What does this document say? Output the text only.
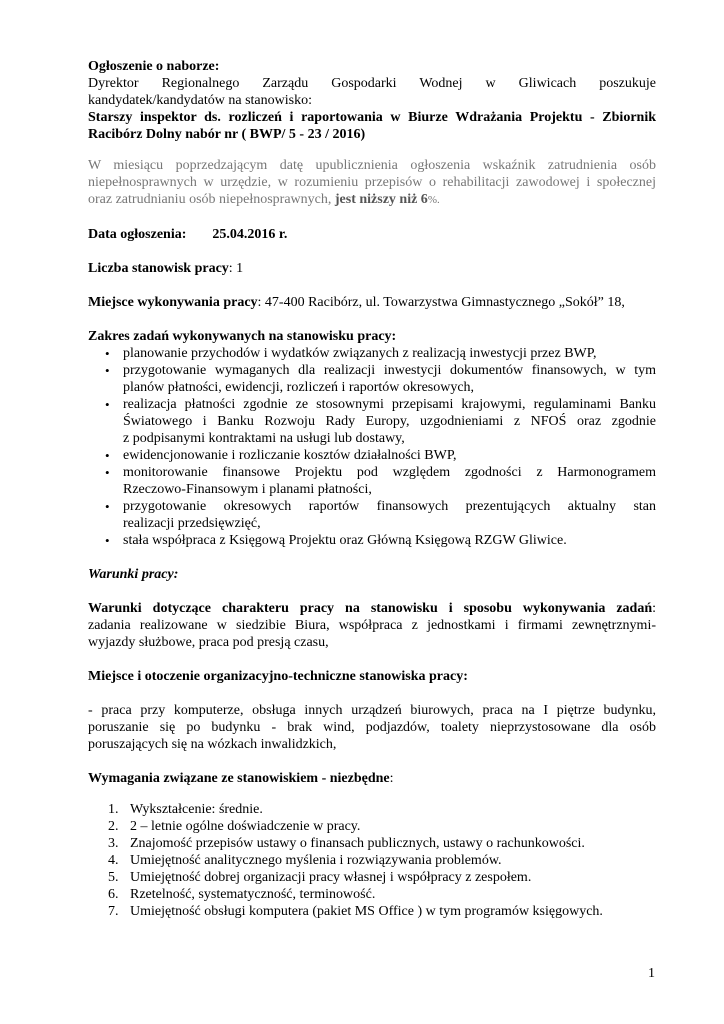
Ogłoszenie o naborze:

Dyrektor Regionalnego Zarządu Gospodarki Wodnej w Gliwicach poszukuje

kandydatek/kandydatów na stanowisko:

Starszy inspektor ds. rozliczeń i raportowania w Biurze Wdrażania Projektu - Zbiornik

Racibórz Dolny nabór nr ( BWP/ 5 - 23 / 2016)

W miesiącu poprzedzającym datę upublicznienia ogłoszenia wskaźnik zatrudnienia osób

niepełnosprawnych w urzędzie, w rozumieniu przepisów o rehabilitacji zawodowej i społecznej

oraz zatrudnianiu osób niepełnosprawnych, jest niższy niż 6%.

Data ogłoszenia: 25.04.2016 r.

Liczba stanowisk pracy: 1

Miejsce wykonywania pracy: 47-400 Racibórz, ul. Towarzystwa Gimnastycznego „Sokół” 18,

Zakres zadań wykonywanych na stanowisku pracy:

• planowanie przychodów i wydatków związanych z realizacją inwestycji przez BWP,
• przygotowanie wymaganych dla realizacji inwestycji dokumentów finansowych, w tym
planów płatności, ewidencji, rozliczeń i raportów okresowych,
• realizacja płatności zgodnie ze stosownymi przepisami krajowymi, regulaminami Banku
Światowego i Banku Rozwoju Rady Europy, uzgodnieniami z NFOŚ oraz zgodnie
z podpisanymi kontraktami na usługi lub dostawy,
• ewidencjonowanie i rozliczanie kosztów działalności BWP,
• monitorowanie finansowe Projektu pod względem zgodności z Harmonogramem
Rzeczowo-Finansowym i planami płatności,
• przygotowanie okresowych raportów finansowych prezentujących aktualny stan
realizacji przedsięwzięć,
• stała współpraca z Księgową Projektu oraz Główną Księgową RZGW Gliwice.

Warunki pracy:

Warunki dotyczące charakteru pracy na stanowisku i sposobu wykonywania zadań:

zadania realizowane w siedzibie Biura, współpraca z jednostkami i firmami zewnętrznymi-

wyjazdy służbowe, praca pod presją czasu,

Miejsce i otoczenie organizacyjno-techniczne stanowiska pracy:

- praca przy komputerze, obsługa innych urządzeń biurowych, praca na I piętrze budynku,

poruszanie się po budynku - brak wind, podjazdów, toalety nieprzystosowane dla osób

poruszających się na wózkach inwalidzkich,

Wymagania związane ze stanowiskiem - niezbędne:

1. Wykształcenie: średnie.
2. 2 – letnie ogólne doświadczenie w pracy.
3. Znajomość przepisów ustawy o finansach publicznych, ustawy o rachunkowości.
4. Umiejętność analitycznego myślenia i rozwiązywania problemów.
5. Umiejętność dobrej organizacji pracy własnej i współpracy z zespołem.
6. Rzetelność, systematyczność, terminowość.
7. Umiejętność obsługi komputera (pakiet MS Office ) w tym programów księgowych.
1
